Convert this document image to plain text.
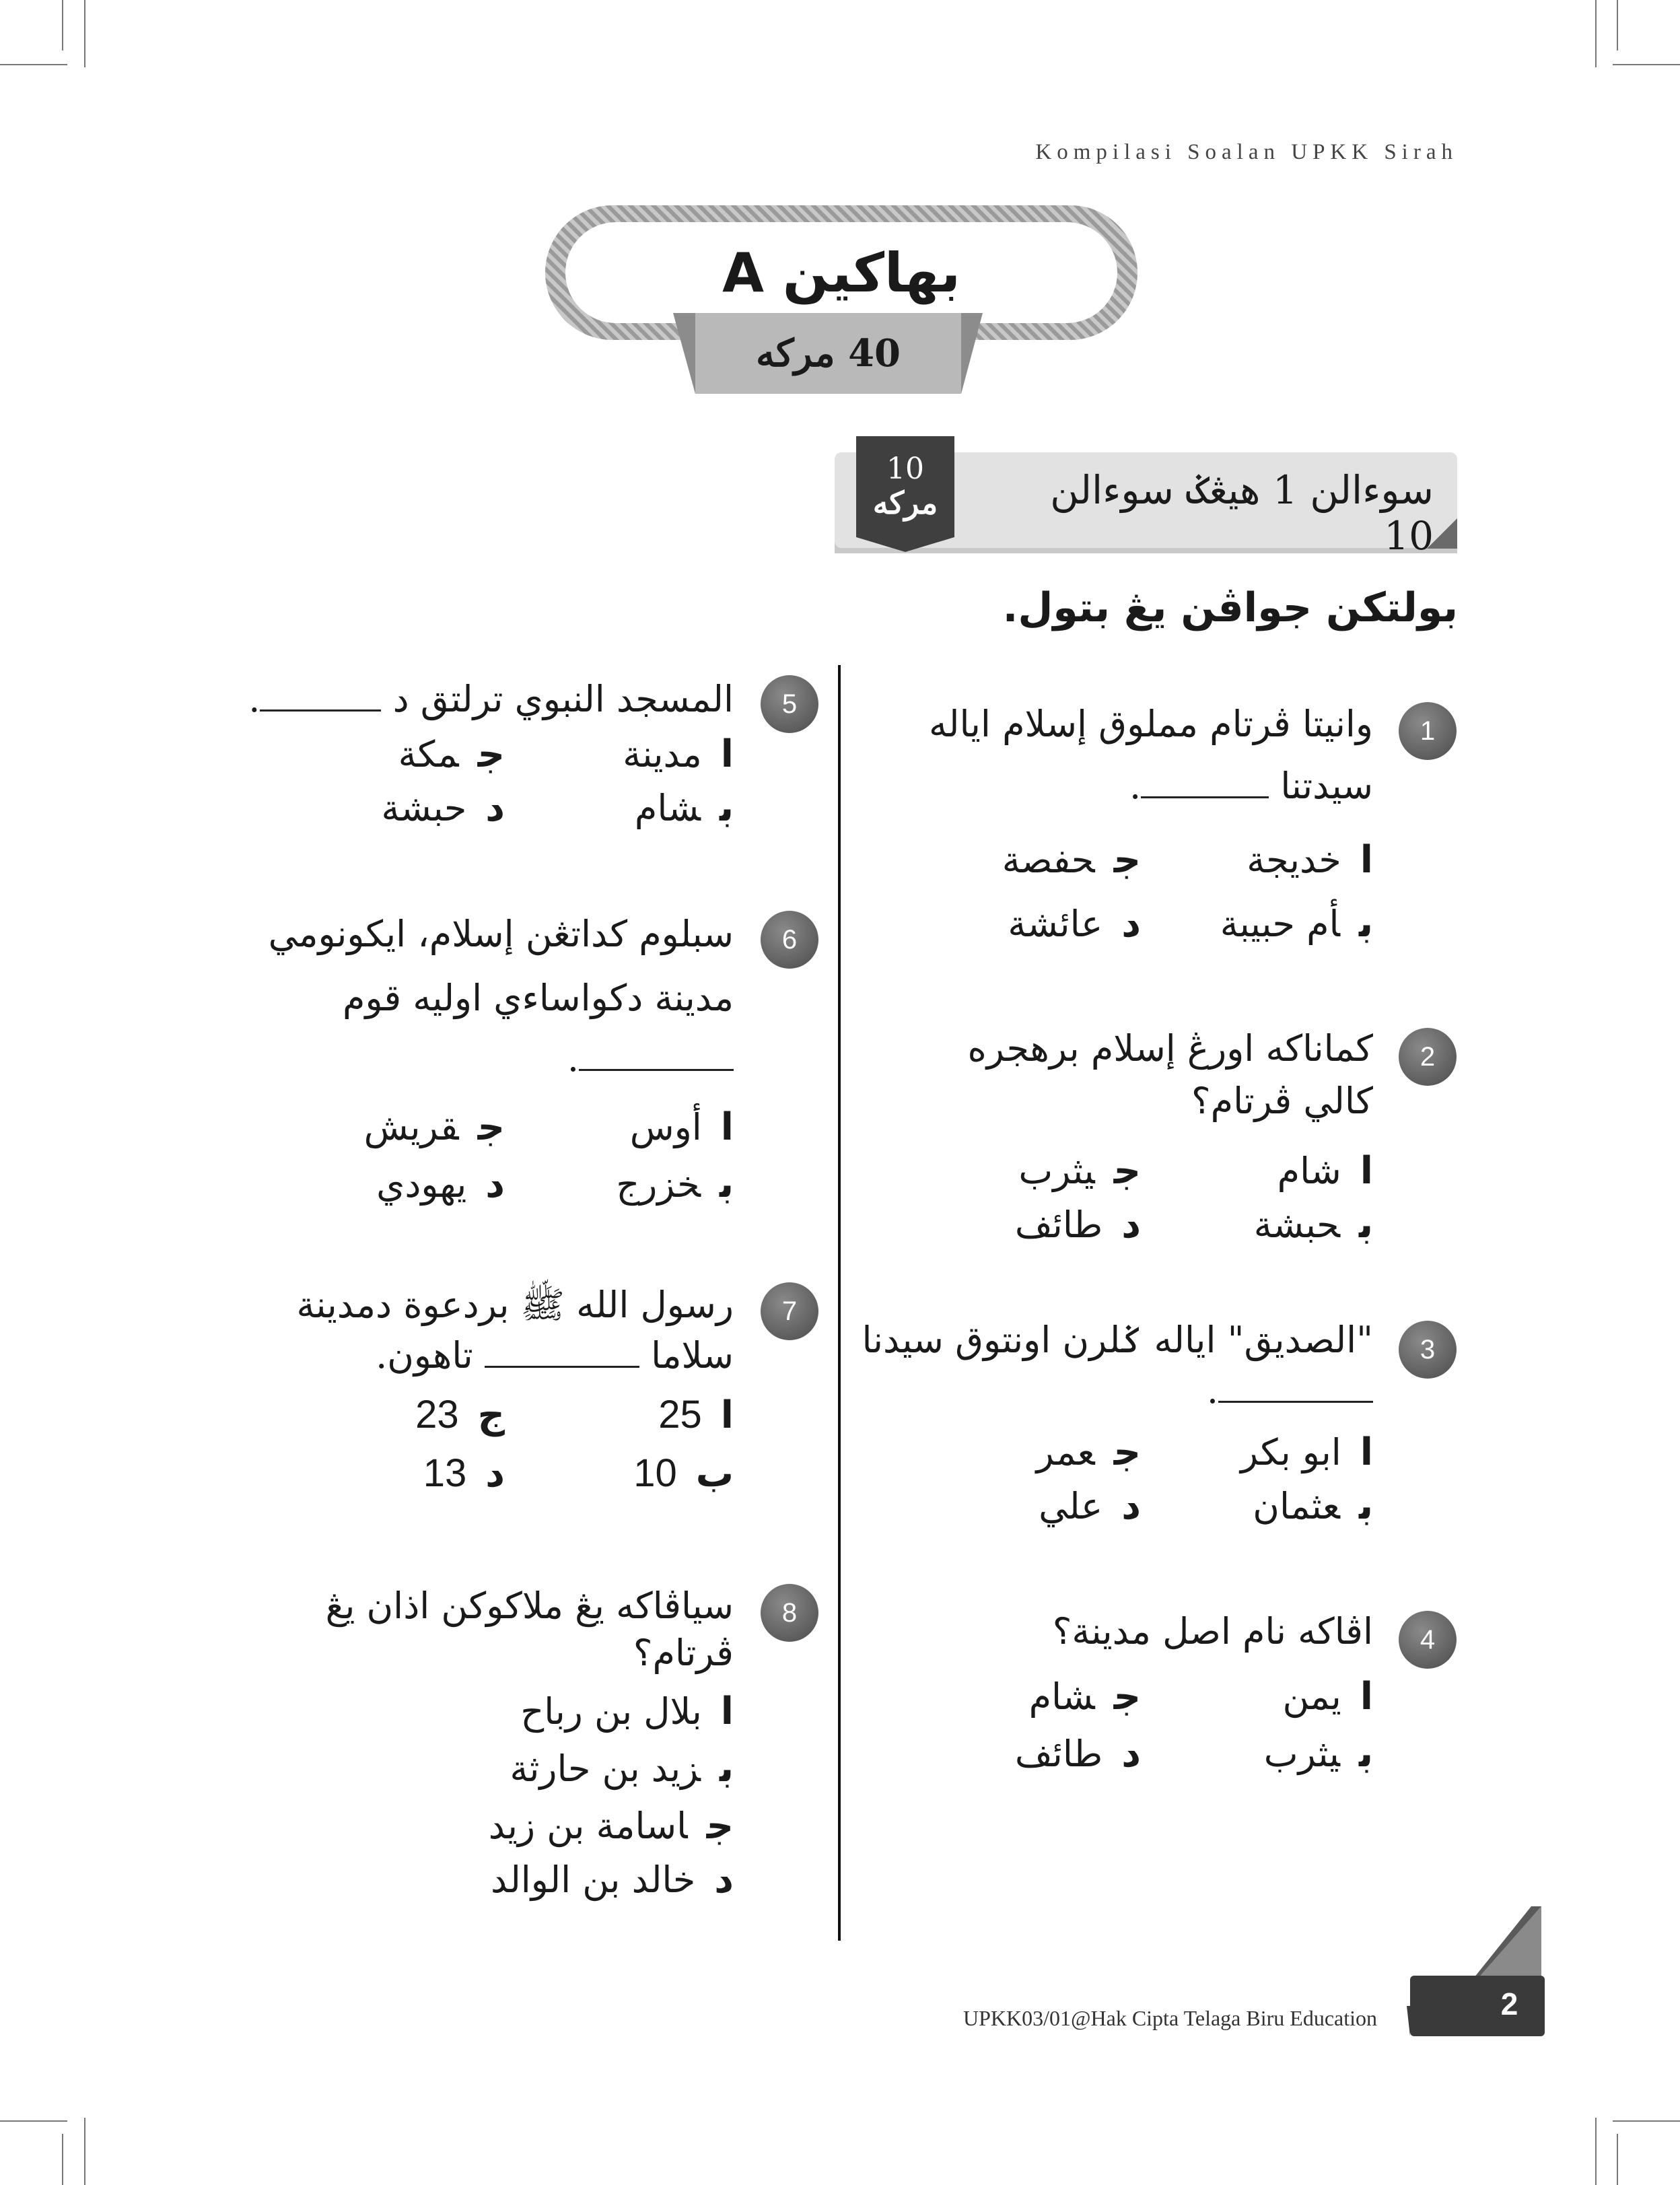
Kompilasi Soalan UPKK Sirah
بهاکين A
40 مرکه
سوءالن 1 هيڠݢ سوءالن 10
10
مرکه
بولتکن جواڤن يڠ بتول.
1
وانيتا ڤرتام مملوق إسلام اياله
سيدتنا .
اخديجة
جحفصة
بأم حبيبة
دعائشة
2
کماناکه اورڠ إسلام برهجره
کالي ڤرتام؟
اشام
جيثرب
بحبشة
دطائف
3
"الصديق" اياله ݢلرن اونتوق سيدنا
.
اابو بکر
جعمر
بعثمان
دعلي
4
اڤاکه نام اصل مدينة؟
ايمن
جشام
بيثرب
دطائف
5
المسجد النبوي ترلتق د .
امدينة
جمکة
بشام
دحبشة
6
سبلوم کداتڠن إسلام، ايکونومي
مدينة دکواساءي اوليه قوم
.
اأوس
جقريش
بخزرج
ديهودي
7
رسول الله ﷺ بردعوة دمدينة
سلاما  تاهون.
ا25
ج23
ب10
د13
8
سياڤاکه يڠ ملاکوکن اذان يڠ
ڤرتام؟
ابلال بن رباح
بزيد بن حارثة
جاسامة بن زيد
دخالد بن الوالد
UPKK03/01@Hak Cipta Telaga Biru Education	2
